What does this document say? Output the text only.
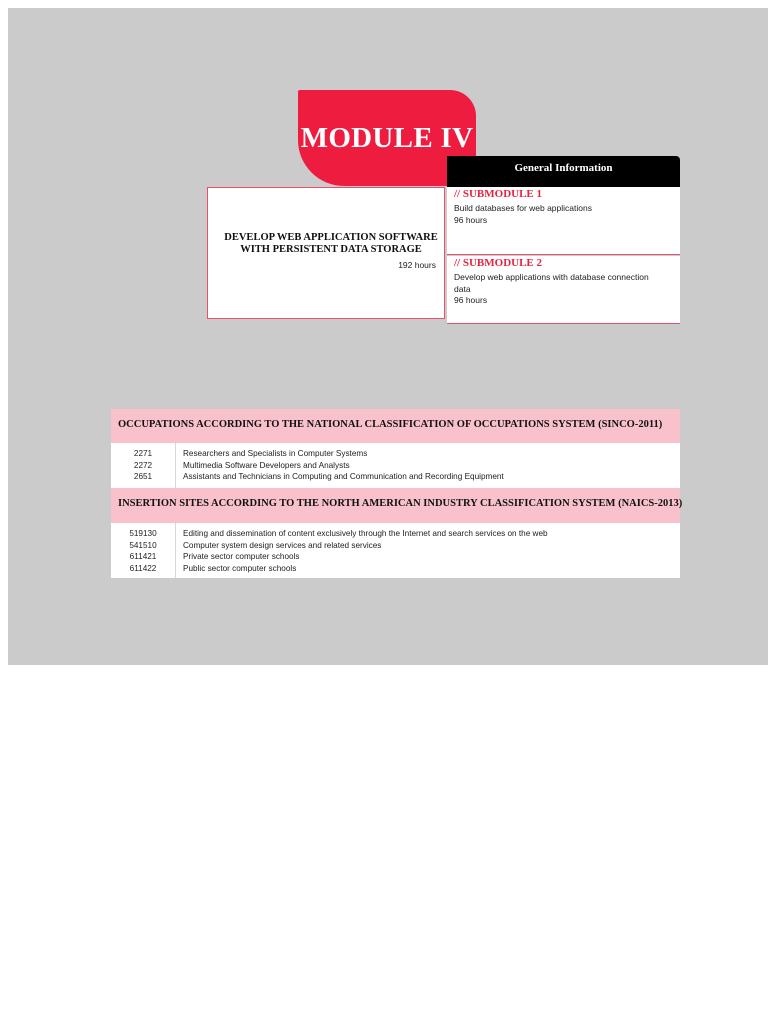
MODULE IV
General Information
DEVELOP WEB APPLICATION SOFTWARE WITH PERSISTENT DATA STORAGE
192 hours
// SUBMODULE 1
Build databases for web applications
96 hours
// SUBMODULE 2
Develop web applications with database connection data
96 hours
OCCUPATIONS ACCORDING TO THE NATIONAL CLASSIFICATION OF OCCUPATIONS SYSTEM (SINCO-2011)
2271	Researchers and Specialists in Computer Systems
2272	Multimedia Software Developers and Analysts
2651	Assistants and Technicians in Computing and Communication and Recording Equipment
INSERTION SITES ACCORDING TO THE NORTH AMERICAN INDUSTRY CLASSIFICATION SYSTEM (NAICS-2013)
519130	Editing and dissemination of content exclusively through the Internet and search services on the web
541510	Computer system design services and related services
611421	Private sector computer schools
611422	Public sector computer schools
